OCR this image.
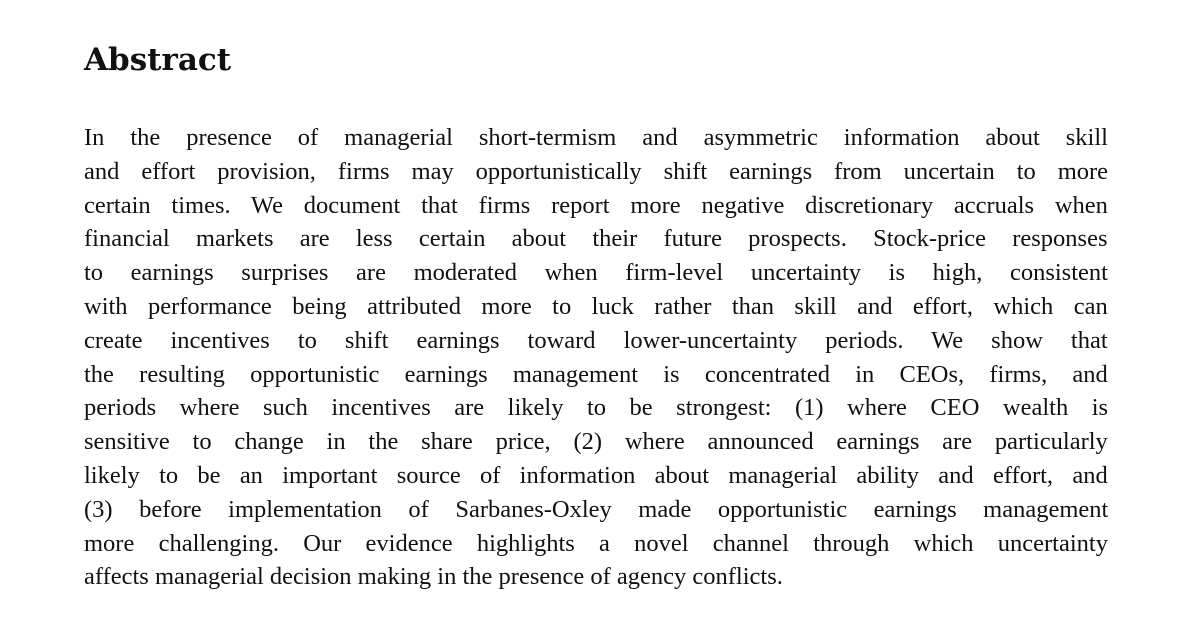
Abstract
In the presence of managerial short-termism and asymmetric information about skill
and effort provision, firms may opportunistically shift earnings from uncertain to more
certain times. We document that firms report more negative discretionary accruals when
financial markets are less certain about their future prospects. Stock-price responses
to earnings surprises are moderated when firm-level uncertainty is high, consistent
with performance being attributed more to luck rather than skill and effort, which can
create incentives to shift earnings toward lower-uncertainty periods. We show that
the resulting opportunistic earnings management is concentrated in CEOs, firms, and
periods where such incentives are likely to be strongest: (1) where CEO wealth is
sensitive to change in the share price, (2) where announced earnings are particularly
likely to be an important source of information about managerial ability and effort, and
(3) before implementation of Sarbanes-Oxley made opportunistic earnings management
more challenging. Our evidence highlights a novel channel through which uncertainty
affects managerial decision making in the presence of agency conflicts.
